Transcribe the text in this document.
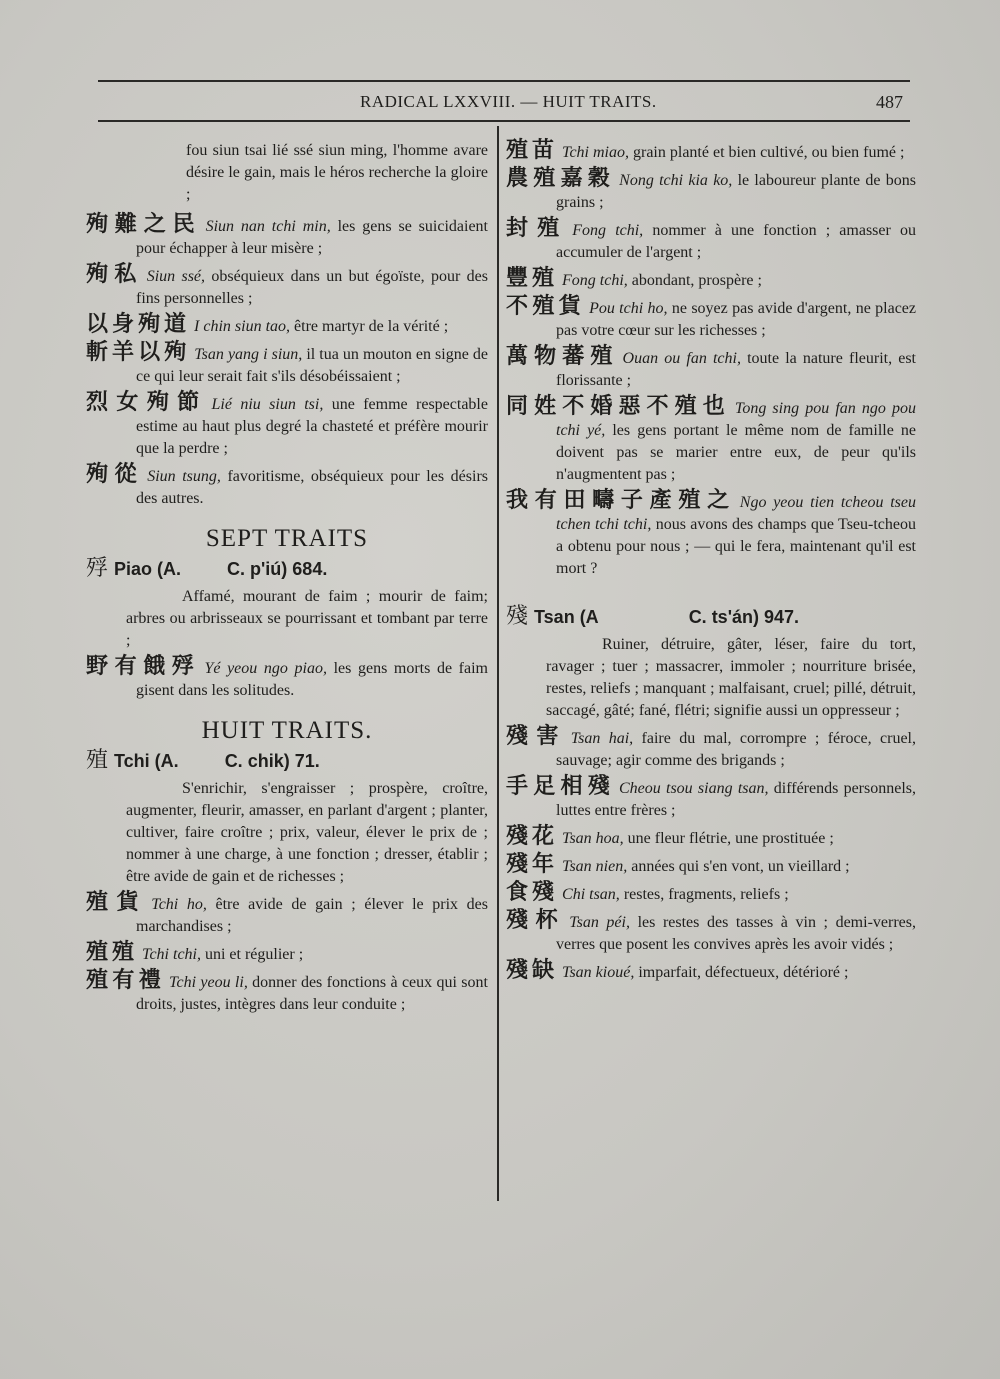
RADICAL LXXVIII. — HUIT TRAITS.	487
fou siun tsai lié ssé siun ming, l'homme avare désire le gain, mais le héros recherche la gloire ;
殉難之民 Siun nan tchi min, les gens se suicidaient pour échapper à leur misère ;
殉私 Siun ssé, obséquieux dans un but égoïste, pour des fins personnelles ;
以身殉道 I chin siun tao, être martyr de la vérité ;
斬羊以殉 Tsan yang i siun, il tua un mouton en signe de ce qui leur serait fait s'ils désobéissaient ;
烈女殉節 Lié niu siun tsi, une femme respectable estime au haut plus degré la chasteté et préfère mourir que la perdre ;
殉從 Siun tsung, favoritisme, obséquieux pour les désirs des autres.
SEPT TRAITS
殍 Piao (A.	C. p'iú) 684.
Affamé, mourant de faim ; mourir de faim; arbres ou arbrisseaux se pourrissant et tombant par terre ;
野有餓殍 Yé yeou ngo piao, les gens morts de faim gisent dans les solitudes.
HUIT TRAITS.
殖 Tchi (A.	C. chik) 71.
S'enrichir, s'engraisser ; prospère, croître, augmenter, fleurir, amasser, en parlant d'argent ; planter, cultiver, faire croître ; prix, valeur, élever le prix de ; nommer à une charge, à une fonction ; dresser, établir ; être avide de gain et de richesses ;
殖貨 Tchi ho, être avide de gain ; élever le prix des marchandises ;
殖殖 Tchi tchi, uni et régulier ;
殖有禮 Tchi yeou li, donner des fonctions à ceux qui sont droits, justes, intègres dans leur conduite ;
殖苗 Tchi miao, grain planté et bien cultivé, ou bien fumé ;
農殖嘉穀 Nong tchi kia ko, le laboureur plante de bons grains ;
封殖 Fong tchi, nommer à une fonction ; amasser ou accumuler de l'argent ;
豐殖 Fong tchi, abondant, prospère ;
不殖貨 Pou tchi ho, ne soyez pas avide d'argent, ne placez pas votre cœur sur les richesses ;
萬物蕃殖 Ouan ou fan tchi, toute la nature fleurit, est florissante ;
同姓不婚惡不殖也 Tong sing pou fan ngo pou tchi yé, les gens portant le même nom de famille ne doivent pas se marier entre eux, de peur qu'ils n'augmentent pas ;
我有田疇子產殖之 Ngo yeou tien tcheou tseu tchen tchi tchi, nous avons des champs que Tseu-tcheou a obtenu pour nous ; — qui le fera, maintenant qu'il est mort ?
殘 Tsan (A	C. ts'án) 947.
Ruiner, détruire, gâter, léser, faire du tort, ravager ; tuer ; massacrer, immoler ; nourriture brisée, restes, reliefs ; manquant ; malfaisant, cruel; pillé, détruit, saccagé, gâté; fané, flétri; signifie aussi un oppresseur ;
殘害 Tsan hai, faire du mal, corrompre ; féroce, cruel, sauvage; agir comme des brigands ;
手足相殘 Cheou tsou siang tsan, différends personnels, luttes entre frères ;
殘花 Tsan hoa, une fleur flétrie, une prostituée ;
殘年 Tsan nien, années qui s'en vont, un vieillard ;
食殘 Chi tsan, restes, fragments, reliefs ;
殘杯 Tsan péi, les restes des tasses à vin ; demi-verres, verres que posent les convives après les avoir vidés ;
殘缺 Tsan kioué, imparfait, défectueux, détérioré ;
